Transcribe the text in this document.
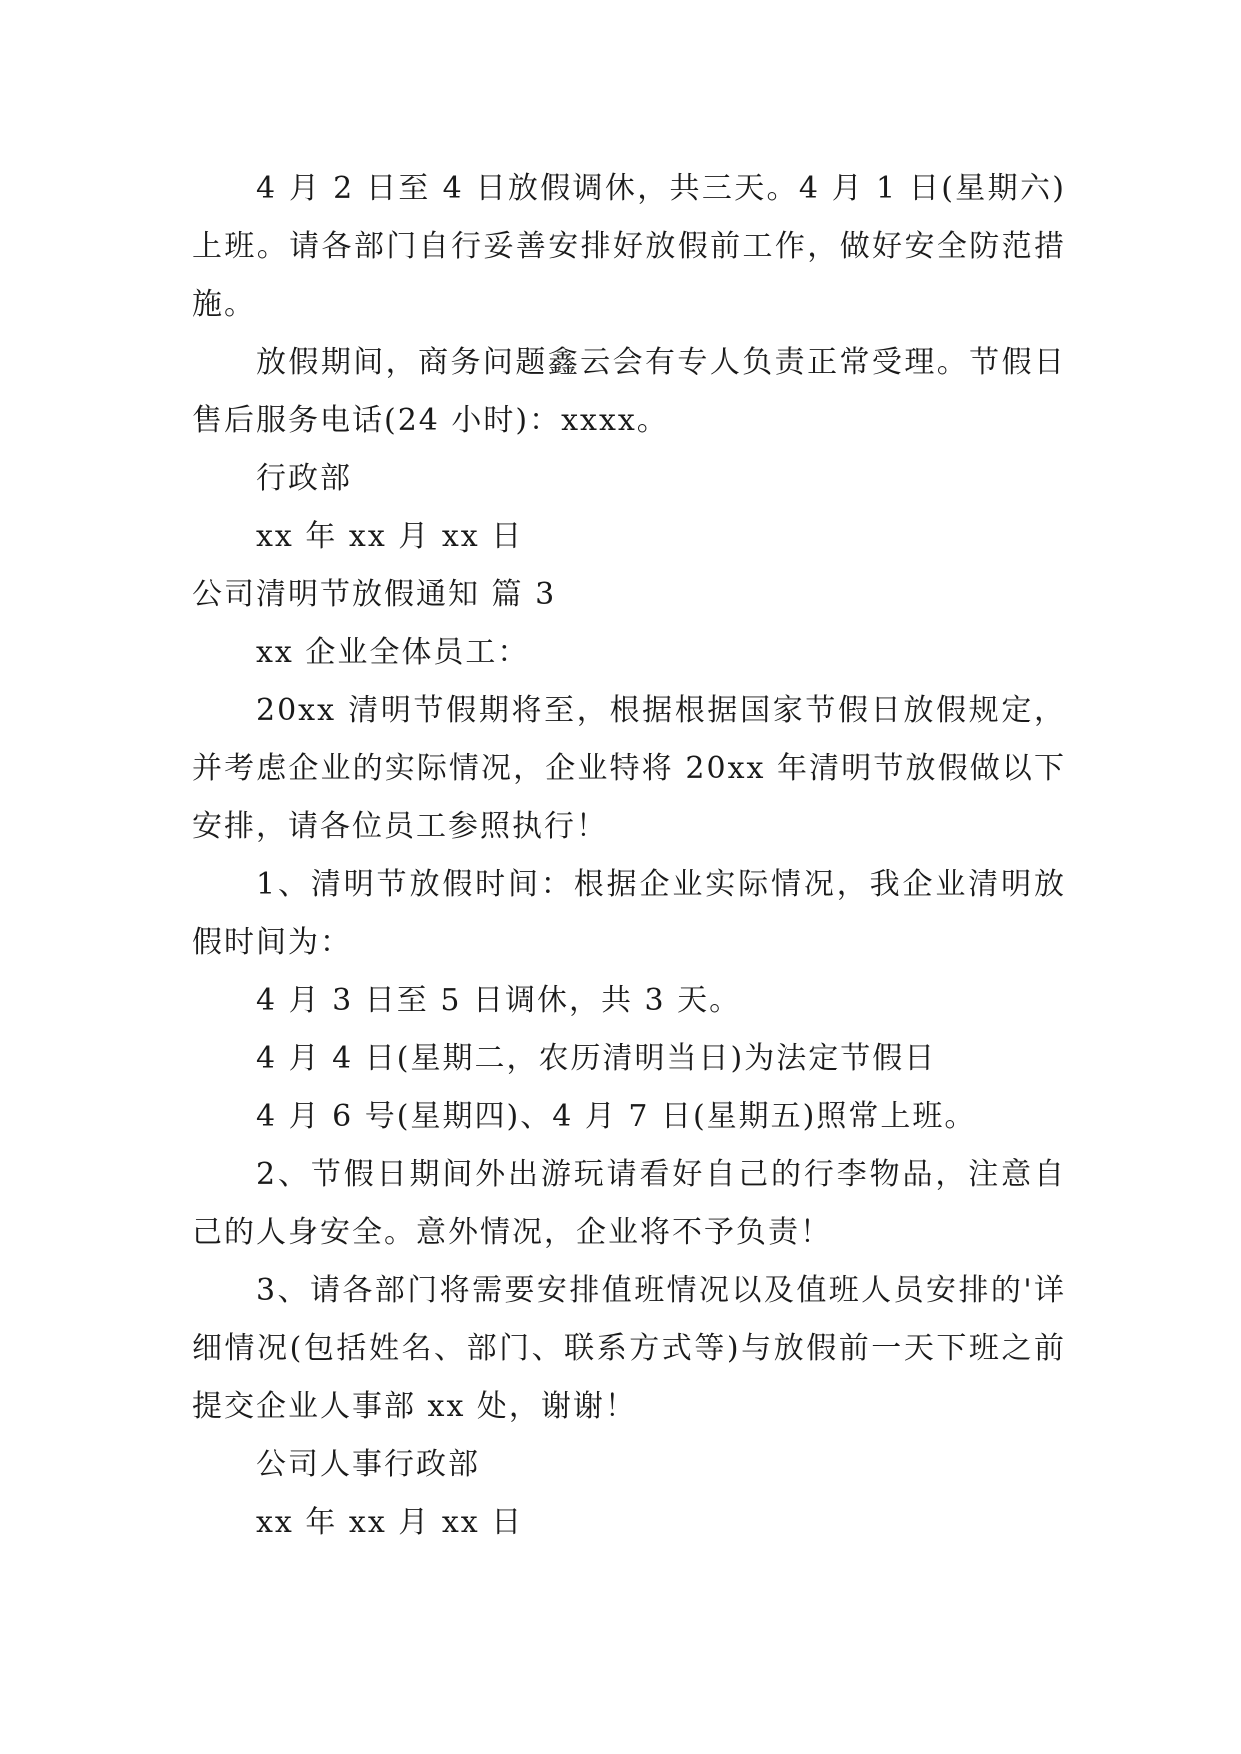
4 月 2 日至 4 日放假调休，共三天。4 月 1 日(星期六)上班。请各部门自行妥善安排好放假前工作，做好安全防范措施。

放假期间，商务问题鑫云会有专人负责正常受理。节假日售后服务电话(24 小时)：xxxx。

行政部

xx 年 xx 月 xx 日

公司清明节放假通知 篇 3

xx 企业全体员工：

20xx 清明节假期将至，根据根据国家节假日放假规定，并考虑企业的实际情况，企业特将 20xx 年清明节放假做以下安排，请各位员工参照执行！

1、清明节放假时间：根据企业实际情况，我企业清明放假时间为：

4 月 3 日至 5 日调休，共 3 天。

4 月 4 日(星期二，农历清明当日)为法定节假日

4 月 6 号(星期四)、4 月 7 日(星期五)照常上班。

2、节假日期间外出游玩请看好自己的行李物品，注意自己的人身安全。意外情况，企业将不予负责！

3、请各部门将需要安排值班情况以及值班人员安排的'详细情况(包括姓名、部门、联系方式等)与放假前一天下班之前提交企业人事部 xx 处，谢谢！

公司人事行政部

xx 年 xx 月 xx 日
